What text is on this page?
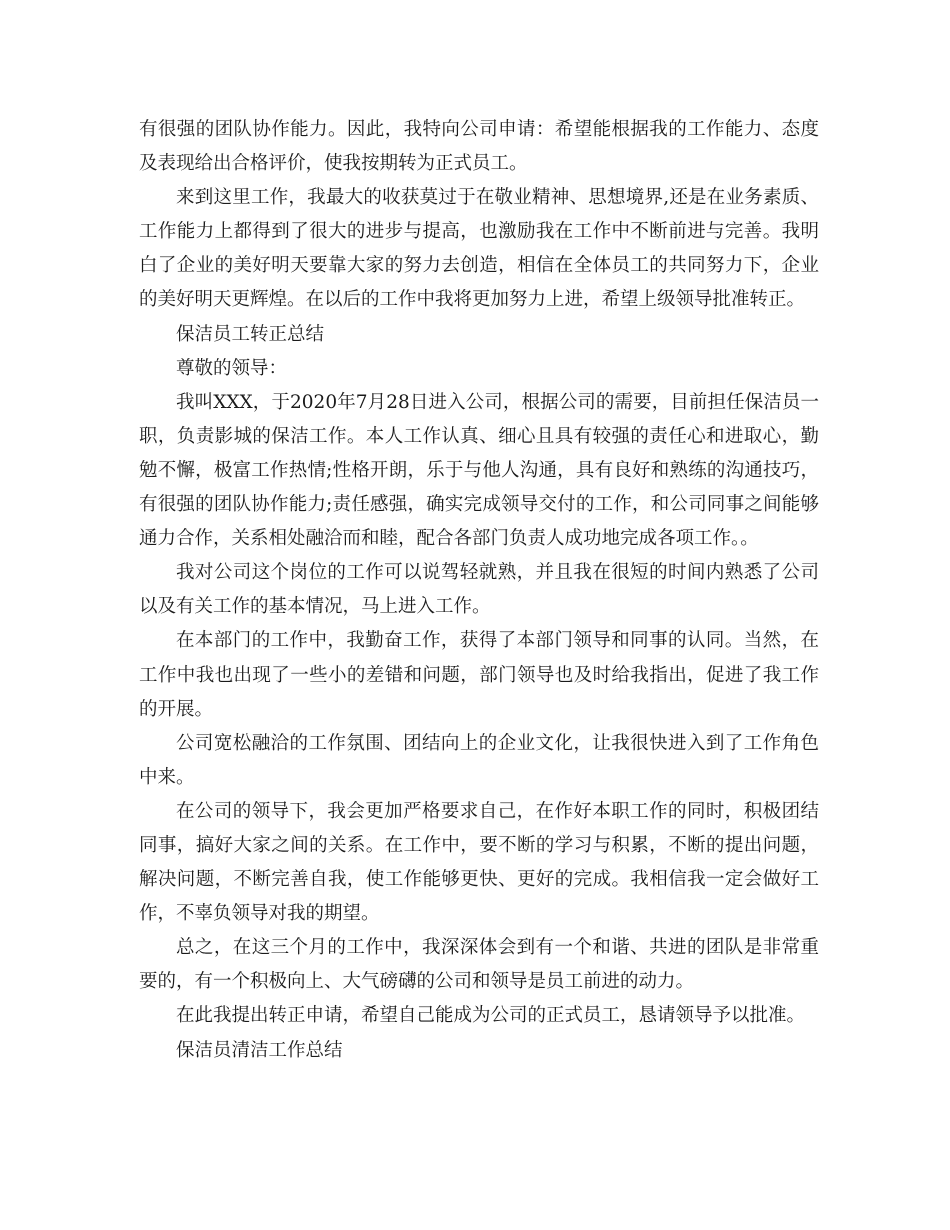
有很强的团队协作能力。因此，我特向公司申请：希望能根据我的工作能力、态度及表现给出合格评价，使我按期转为正式员工。

来到这里工作，我最大的收获莫过于在敬业精神、思想境界,还是在业务素质、工作能力上都得到了很大的进步与提高，也激励我在工作中不断前进与完善。我明白了企业的美好明天要靠大家的努力去创造，相信在全体员工的共同努力下，企业的美好明天更辉煌。在以后的工作中我将更加努力上进，希望上级领导批准转正。

保洁员工转正总结

尊敬的领导：

我叫XXX，于2020年7月28日进入公司，根据公司的需要，目前担任保洁员一职，负责影城的保洁工作。本人工作认真、细心且具有较强的责任心和进取心，勤勉不懈，极富工作热情;性格开朗，乐于与他人沟通，具有良好和熟练的沟通技巧，有很强的团队协作能力;责任感强，确实完成领导交付的工作，和公司同事之间能够通力合作，关系相处融洽而和睦，配合各部门负责人成功地完成各项工作。。

我对公司这个岗位的工作可以说驾轻就熟，并且我在很短的时间内熟悉了公司以及有关工作的基本情况，马上进入工作。

在本部门的工作中，我勤奋工作，获得了本部门领导和同事的认同。当然，在工作中我也出现了一些小的差错和问题，部门领导也及时给我指出，促进了我工作的开展。

公司宽松融洽的工作氛围、团结向上的企业文化，让我很快进入到了工作角色中来。

在公司的领导下，我会更加严格要求自己，在作好本职工作的同时，积极团结同事，搞好大家之间的关系。在工作中，要不断的学习与积累，不断的提出问题，解决问题，不断完善自我，使工作能够更快、更好的完成。我相信我一定会做好工作，不辜负领导对我的期望。

总之，在这三个月的工作中，我深深体会到有一个和谐、共进的团队是非常重要的，有一个积极向上、大气磅礴的公司和领导是员工前进的动力。

在此我提出转正申请，希望自己能成为公司的正式员工，恳请领导予以批准。

保洁员清洁工作总结
